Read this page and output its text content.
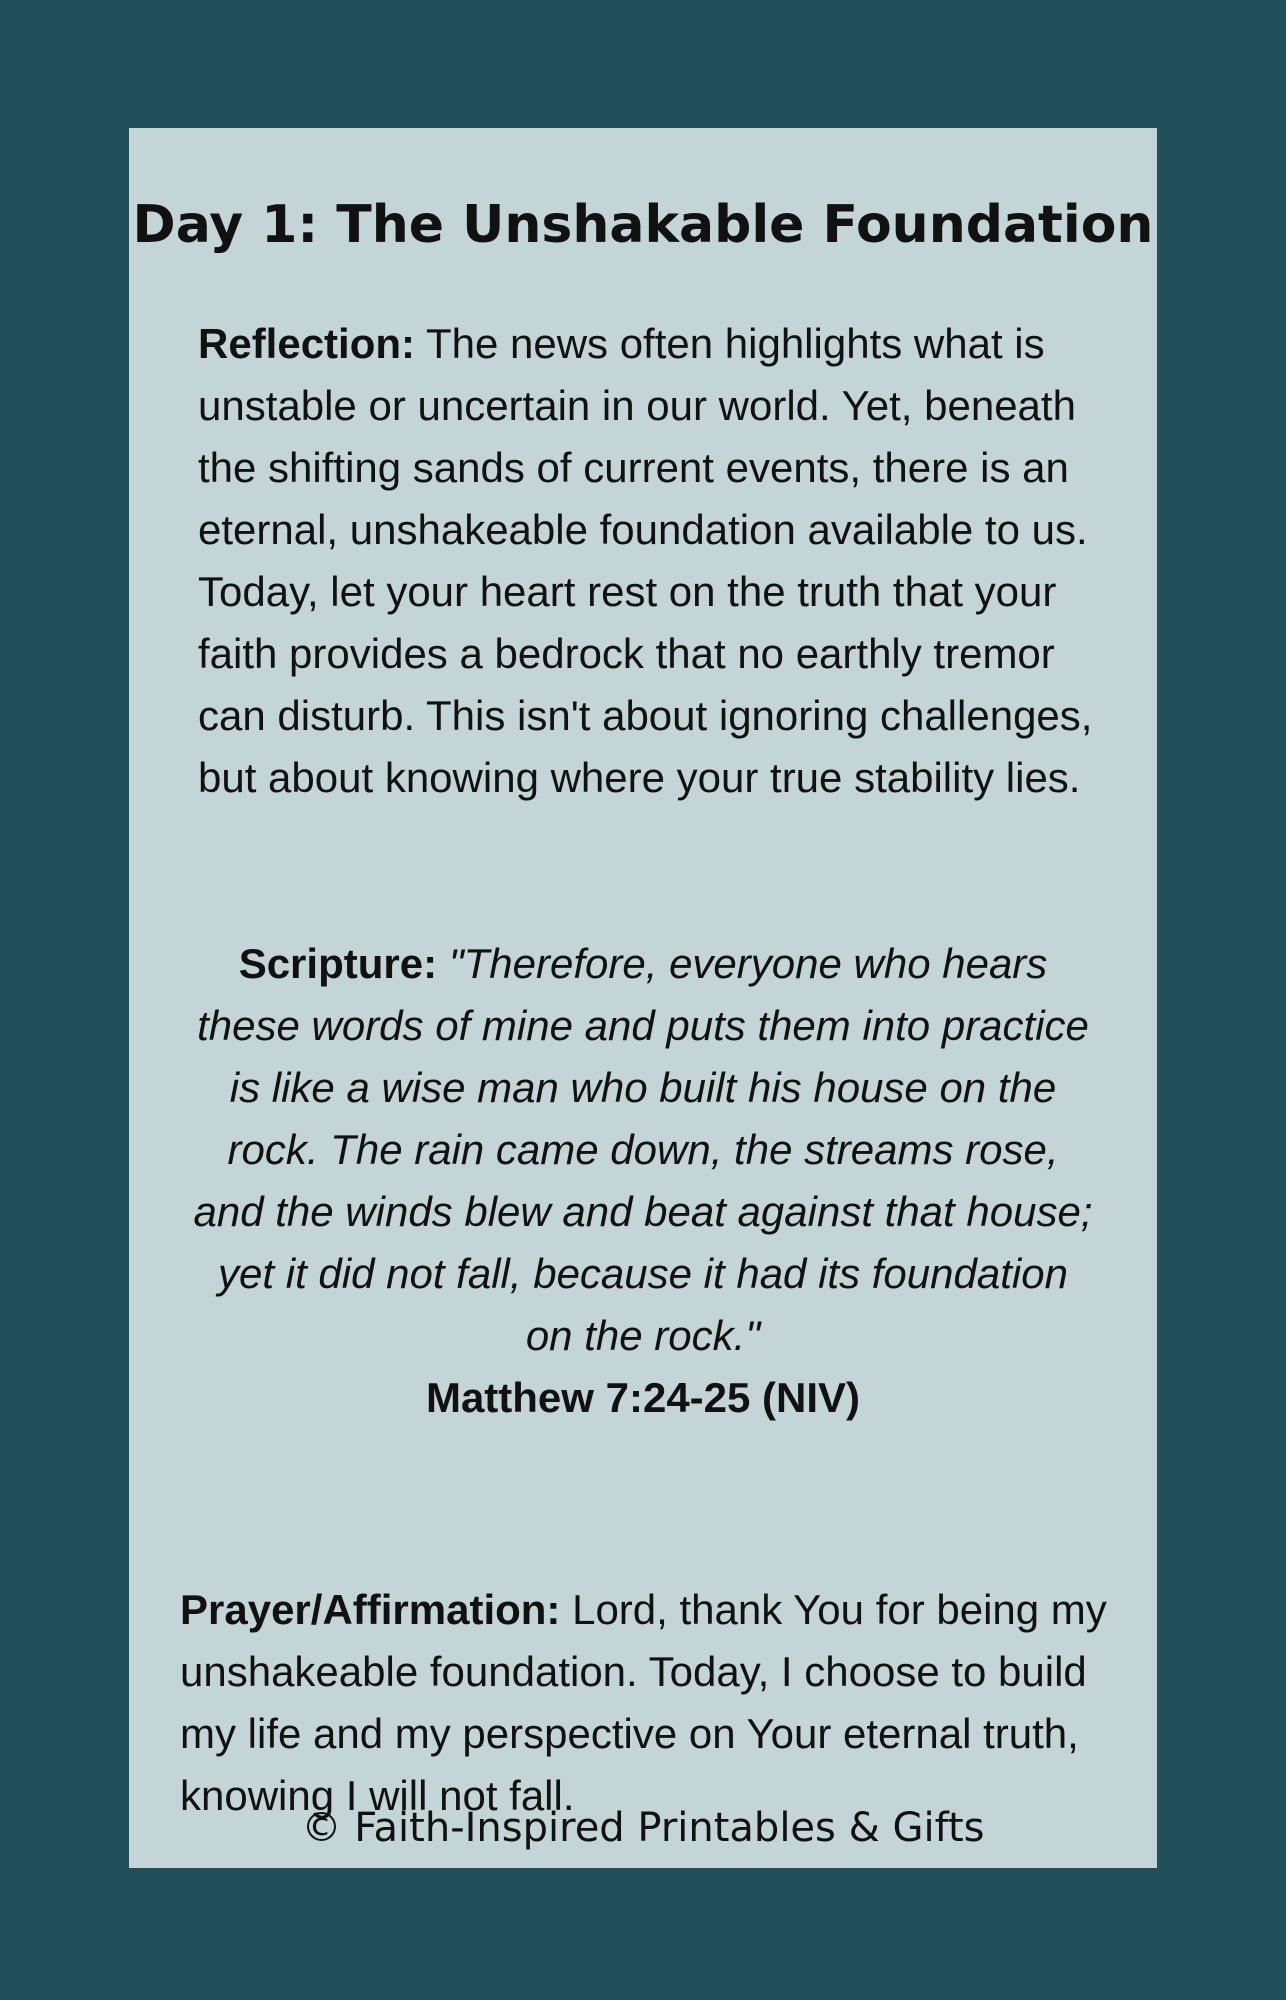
Day 1: The Unshakable Foundation

Reflection: The news often highlights what is unstable or uncertain in our world. Yet, beneath the shifting sands of current events, there is an eternal, unshakeable foundation available to us. Today, let your heart rest on the truth that your faith provides a bedrock that no earthly tremor can disturb. This isn't about ignoring challenges, but about knowing where your true stability lies.

Scripture: "Therefore, everyone who hears these words of mine and puts them into practice is like a wise man who built his house on the rock. The rain came down, the streams rose, and the winds blew and beat against that house; yet it did not fall, because it had its foundation on the rock."
Matthew 7:24-25 (NIV)

Prayer/Affirmation: Lord, thank You for being my unshakeable foundation. Today, I choose to build my life and my perspective on Your eternal truth, knowing I will not fall.

© Faith-Inspired Printables & Gifts
